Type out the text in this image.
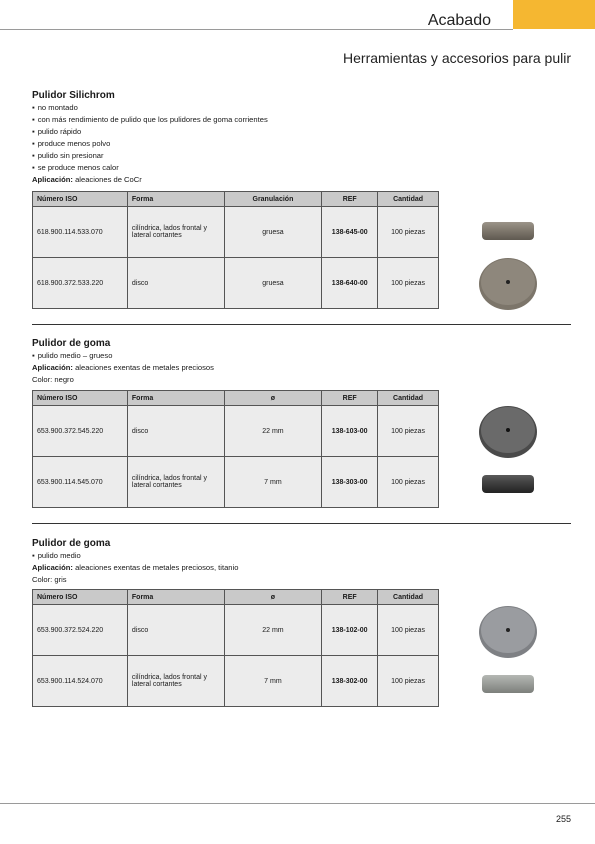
Acabado
Herramientas y accesorios para pulir
Pulidor Silichrom
▪ no montado
▪ con más rendimiento de pulido que los pulidores de goma corrientes
▪ pulido rápido
▪ produce menos polvo
▪ pulido sin presionar
▪ se produce menos calor
Aplicación: aleaciones de CoCr
Número ISO	Forma	Granulación	REF	Cantidad
618.900.114.533.070	cilíndrica, lados frontal y lateral cortantes	gruesa	138-645-00	100 piezas
618.900.372.533.220	disco	gruesa	138-640-00	100 piezas
Pulidor de goma
▪ pulido medio – grueso
Aplicación: aleaciones exentas de metales preciosos
Color: negro
Número ISO	Forma	ø	REF	Cantidad
653.900.372.545.220	disco	22 mm	138-103-00	100 piezas
653.900.114.545.070	cilíndrica, lados frontal y lateral cortantes	7 mm	138-303-00	100 piezas
Pulidor de goma
▪ pulido medio
Aplicación: aleaciones exentas de metales preciosos, titanio
Color: gris
Número ISO	Forma	ø	REF	Cantidad
653.900.372.524.220	disco	22 mm	138-102-00	100 piezas
653.900.114.524.070	cilíndrica, lados frontal y lateral cortantes	7 mm	138-302-00	100 piezas
255
